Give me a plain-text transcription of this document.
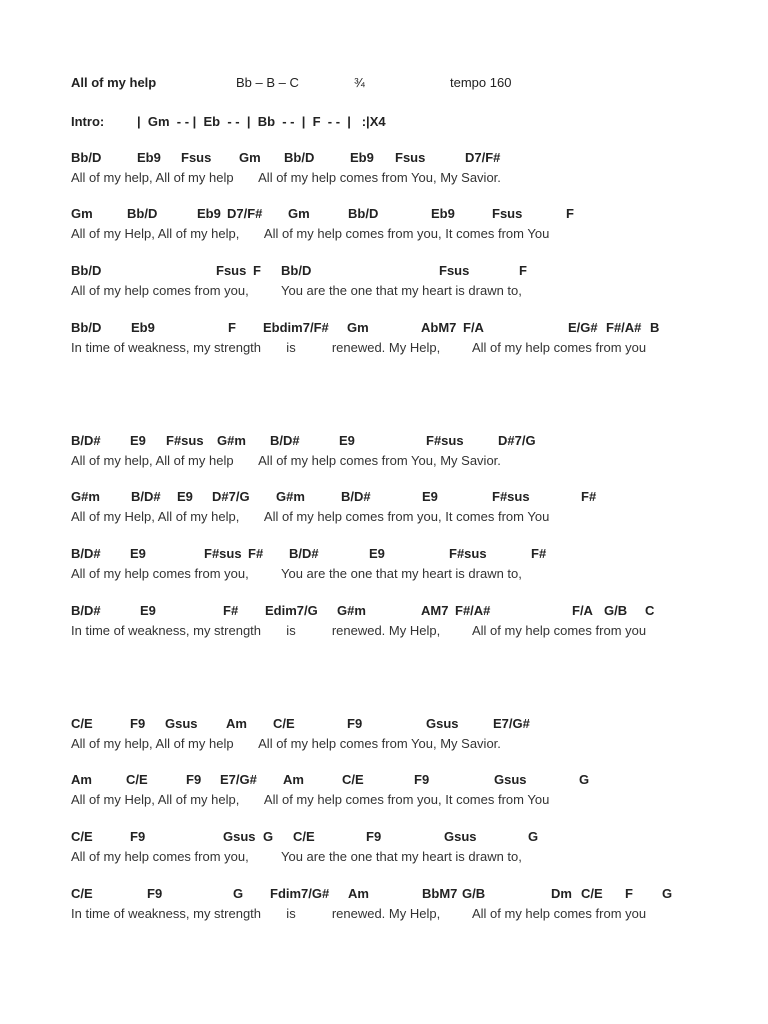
All of my help	Bb – B – C	¾	tempo 160
Intro:	|  Gm  - - |  Eb  - -  |  Bb  - -  |  F  - -  |   :|X4
Bb/D	Eb9 Fsus Gm Bb/D	Eb9 Fsus	D7/F#
All of my help, All of my help       All of my help comes from You, My Savior.
Gm	Bb/D	Eb9 D7/F# Gm	Bb/D	Eb9	Fsus	F
All of my Help, All of my help,       All of my help comes from you, It comes from You
Bb/D	Fsus F Bb/D	Fsus	F
All of my help comes from you,         You are the one that my heart is drawn to,
Bb/D Eb9	F Ebdim7/F# Gm	AbM7 F/A	E/G# F#/A# B
In time of weakness, my strength       is          renewed. My Help,         All of my help comes from you
B/D# E9 F#sus G#m B/D#	E9	F#sus	D#7/G
All of my help, All of my help       All of my help comes from You, My Savior.
G#m B/D# E9 D#7/G G#m	B/D#	E9	F#sus	F#
All of my Help, All of my help,       All of my help comes from you, It comes from You
B/D# E9	F#sus F# B/D#	E9	F#sus	F#
All of my help comes from you,         You are the one that my heart is drawn to,
B/D#	E9	F# Edim7/G G#m	AM7 F#/A#	F/A G/B C
In time of weakness, my strength       is          renewed. My Help,         All of my help comes from you
C/E	F9 Gsus Am C/E	F9	Gsus	E7/G#
All of my help, All of my help       All of my help comes from You, My Savior.
Am	C/E	F9 E7/G# Am	C/E	F9	Gsus	G
All of my Help, All of my help,       All of my help comes from you, It comes from You
C/E	F9	Gsus G C/E	F9	Gsus	G
All of my help comes from you,         You are the one that my heart is drawn to,
C/E	F9	G Fdim7/G# Am	BbM7 G/B	Dm C/E F G
In time of weakness, my strength       is          renewed. My Help,         All of my help comes from you
